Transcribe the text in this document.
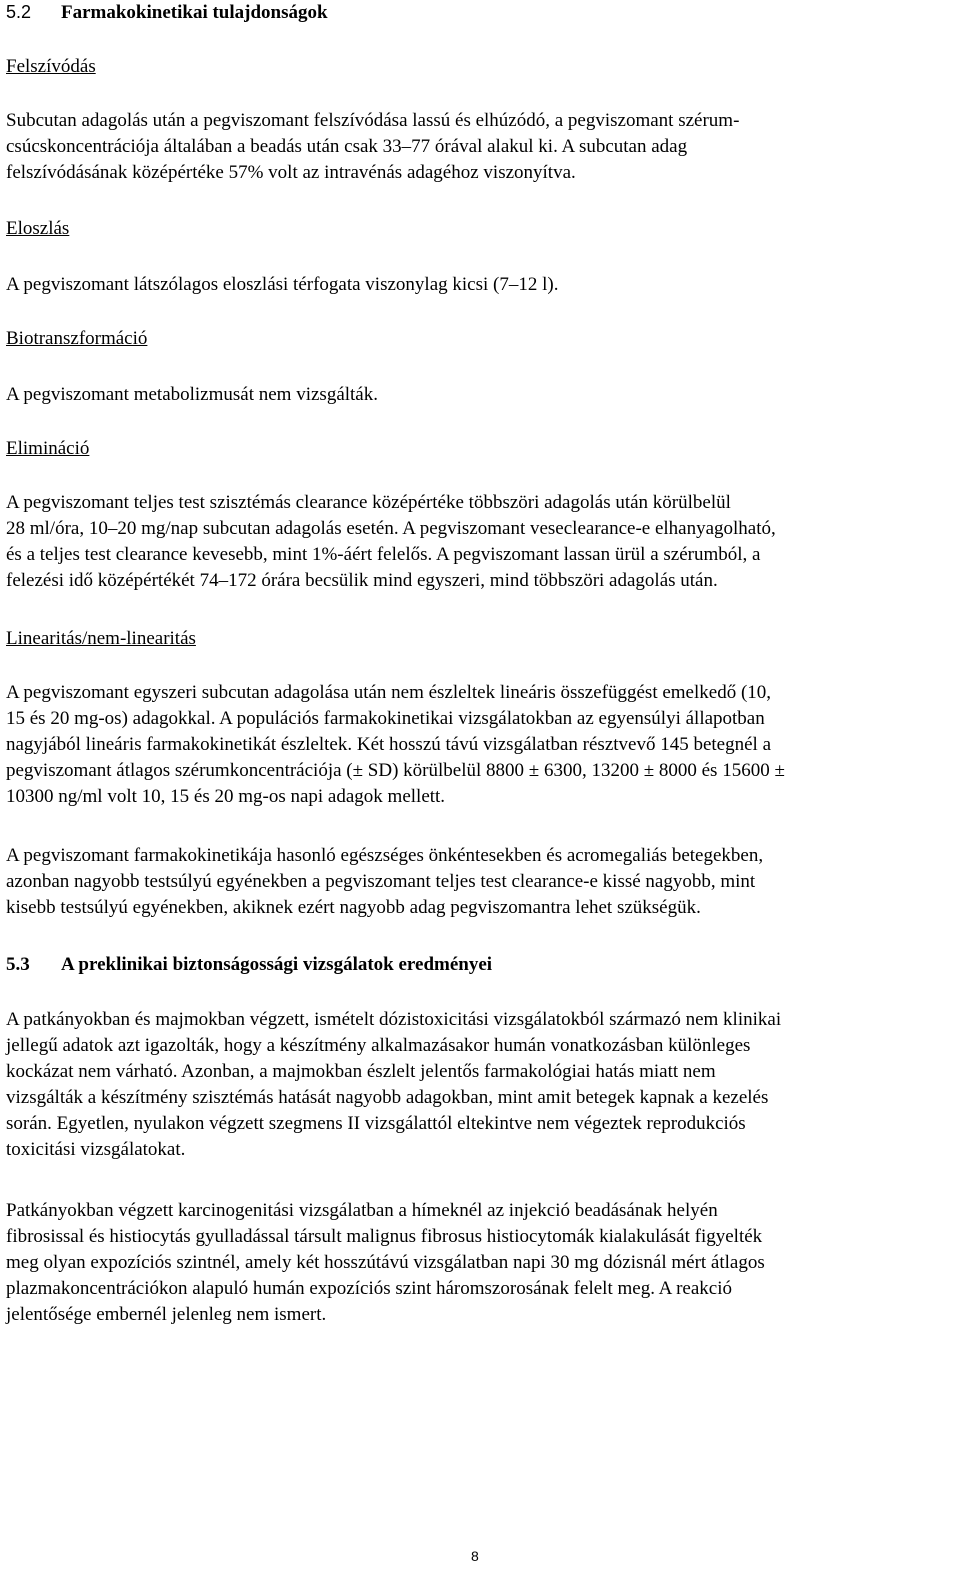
5.2	Farmakokinetikai tulajdonságok
Felszívódás
Subcutan adagolás után a pegviszomant felszívódása lassú és elhúzódó, a pegviszomant szérum-
csúcskoncentrációja általában a beadás után csak 33–77 órával alakul ki. A subcutan adag
felszívódásának középértéke 57% volt az intravénás adagéhoz viszonyítva.
Eloszlás
A pegviszomant látszólagos eloszlási térfogata viszonylag kicsi (7–12 l).
Biotranszformáció
A pegviszomant metabolizmusát nem vizsgálták.
Elimináció
A pegviszomant teljes test szisztémás clearance középértéke többszöri adagolás után körülbelül
28 ml/óra, 10–20 mg/nap subcutan adagolás esetén. A pegviszomant veseclearance-e elhanyagolható,
és a teljes test clearance kevesebb, mint 1%-áért felelős. A pegviszomant lassan ürül a szérumból, a
felezési idő középértékét 74–172 órára becsülik mind egyszeri, mind többszöri adagolás után.
Linearitás/nem-linearitás
A pegviszomant egyszeri subcutan adagolása után nem észleltek lineáris összefüggést emelkedő (10,
15 és 20 mg-os) adagokkal. A populációs farmakokinetikai vizsgálatokban az egyensúlyi állapotban
nagyjából lineáris farmakokinetikát észleltek. Két hosszú távú vizsgálatban résztvevő 145 betegnél a
pegviszomant átlagos szérumkoncentrációja (± SD) körülbelül 8800 ± 6300, 13200 ± 8000 és 15600 ±
10300 ng/ml volt 10, 15 és 20 mg-os napi adagok mellett.
A pegviszomant farmakokinetikája hasonló egészséges önkéntesekben és acromegaliás betegekben,
azonban nagyobb testsúlyú egyénekben a pegviszomant teljes test clearance-e kissé nagyobb, mint
kisebb testsúlyú egyénekben, akiknek ezért nagyobb adag pegviszomantra lehet szükségük.
5.3	A preklinikai biztonságossági vizsgálatok eredményei
A patkányokban és majmokban végzett, ismételt dózistoxicitási vizsgálatokból származó nem klinikai
jellegű adatok azt igazolták, hogy a készítmény alkalmazásakor humán vonatkozásban különleges
kockázat nem várható. Azonban, a majmokban észlelt jelentős farmakológiai hatás miatt nem
vizsgálták a készítmény szisztémás hatását nagyobb adagokban, mint amit betegek kapnak a kezelés
során. Egyetlen, nyulakon végzett szegmens II vizsgálattól eltekintve nem végeztek reprodukciós
toxicitási vizsgálatokat.
Patkányokban végzett karcinogenitási vizsgálatban a hímeknél az injekció beadásának helyén
fibrosissal és histiocytás gyulladással társult malignus fibrosus histiocytomák kialakulását figyelték
meg olyan expozíciós szintnél, amely két hosszútávú vizsgálatban napi 30 mg dózisnál mért átlagos
plazmakoncentrációkon alapuló humán expozíciós szint háromszorosának felelt meg. A reakció
jelentősége embernél jelenleg nem ismert.
8
